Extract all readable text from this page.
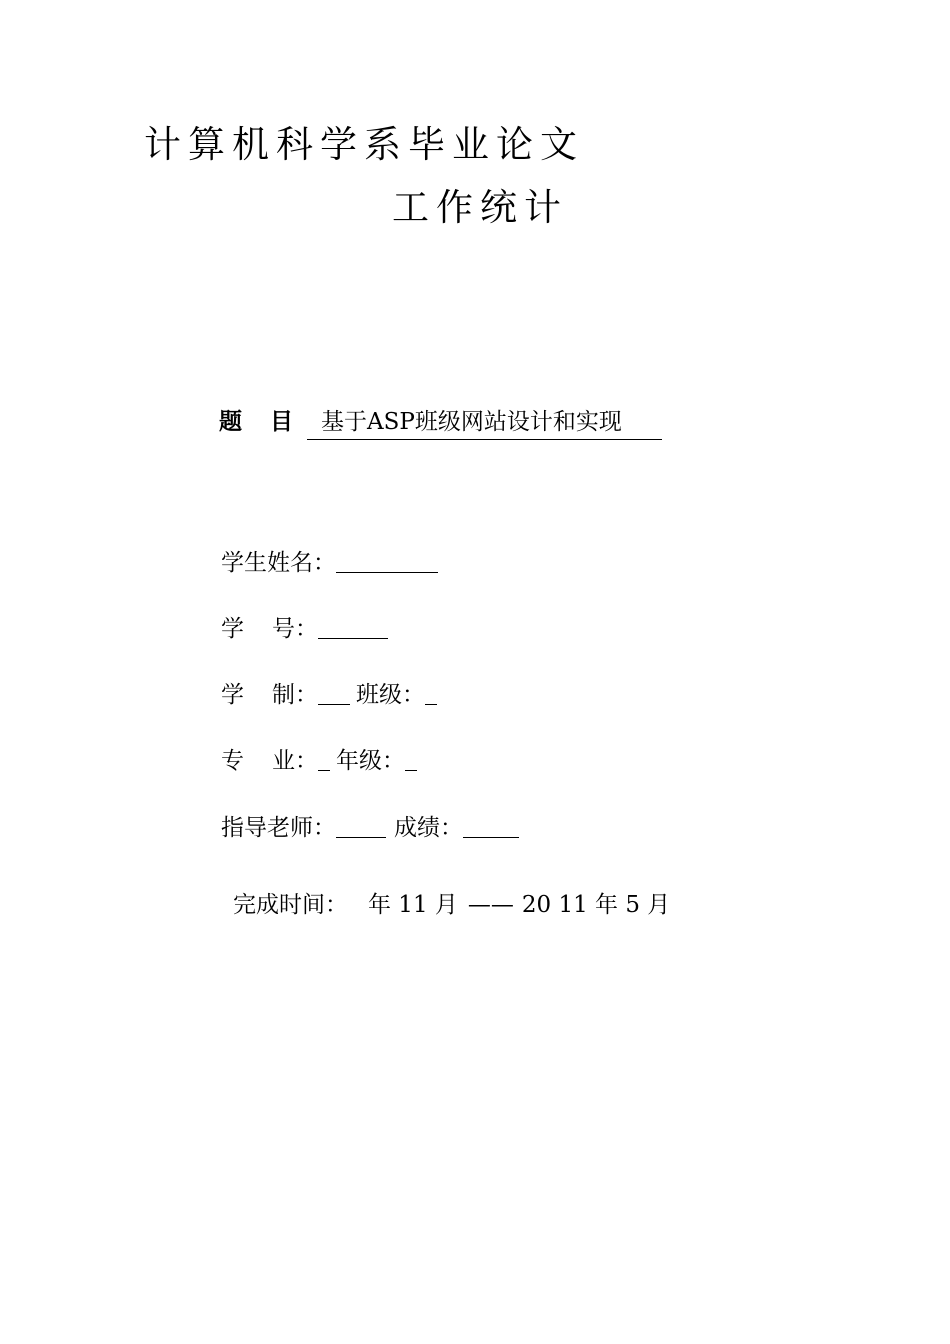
计算机科学系毕业论文
工作统计
题 目 基于ASP班级网站设计和实现
学生姓名：
学 号：
学 制： 班级：
专 业： 年级：
指导老师：	成绩：
完成时间： 年 11 月 —— 20 11 年 5 月
